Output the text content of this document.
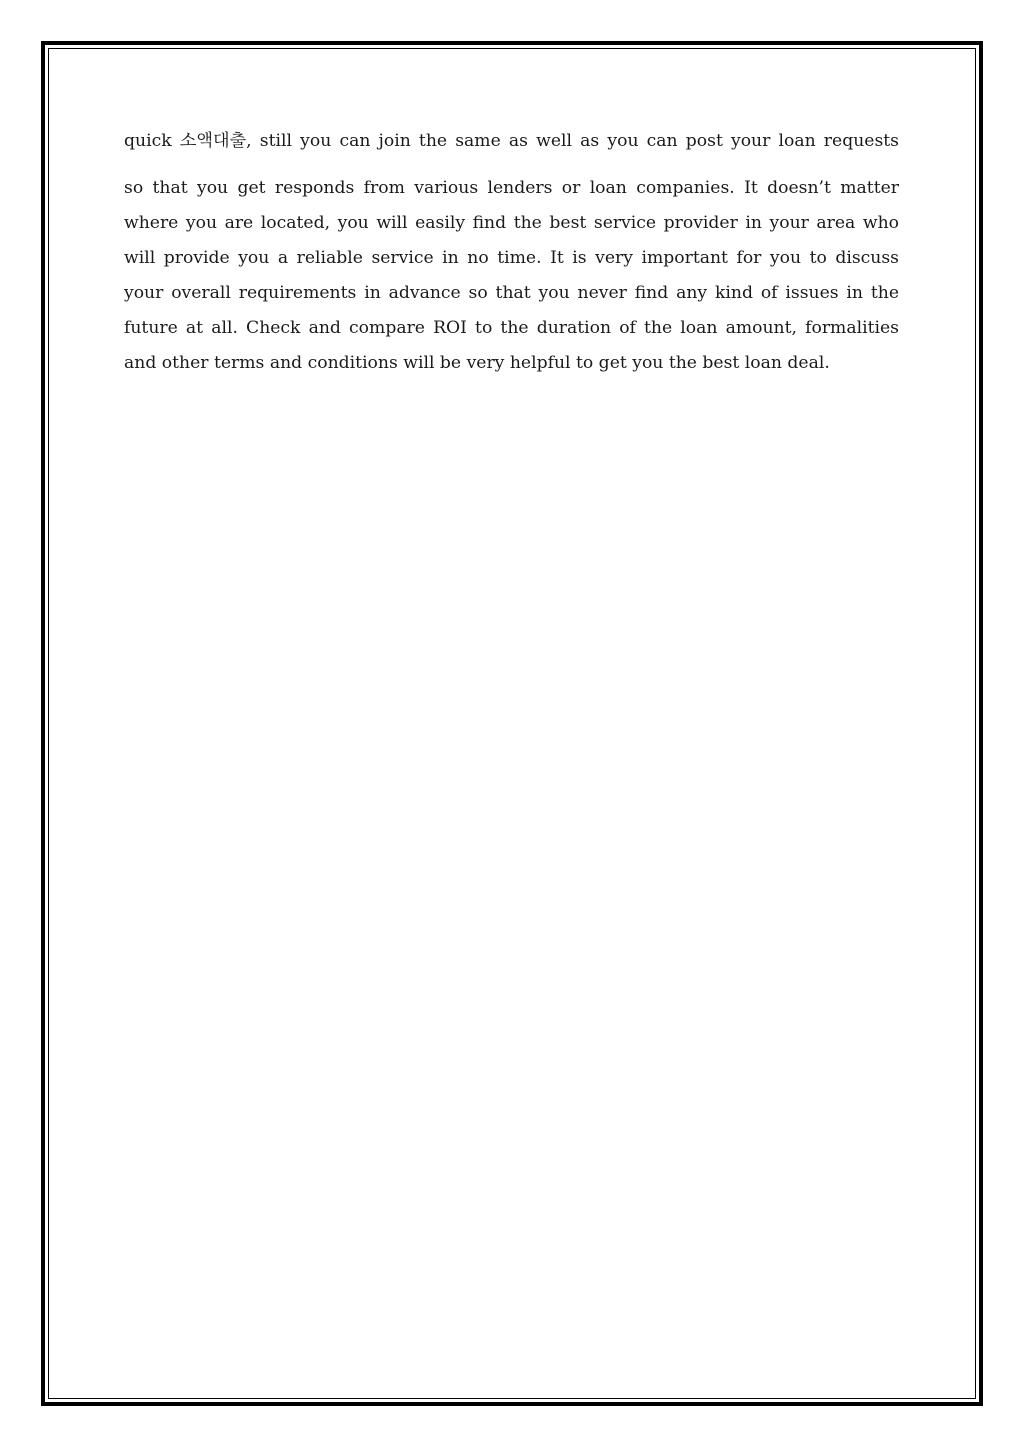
quick 소액대출, still you can join the same as well as you can post your loan requests
so that you get responds from various lenders or loan companies. It doesn’t matter
where you are located, you will easily find the best service provider in your area who
will provide you a reliable service in no time. It is very important for you to discuss
your overall requirements in advance so that you never find any kind of issues in the
future at all. Check and compare ROI to the duration of the loan amount, formalities
and other terms and conditions will be very helpful to get you the best loan deal.
